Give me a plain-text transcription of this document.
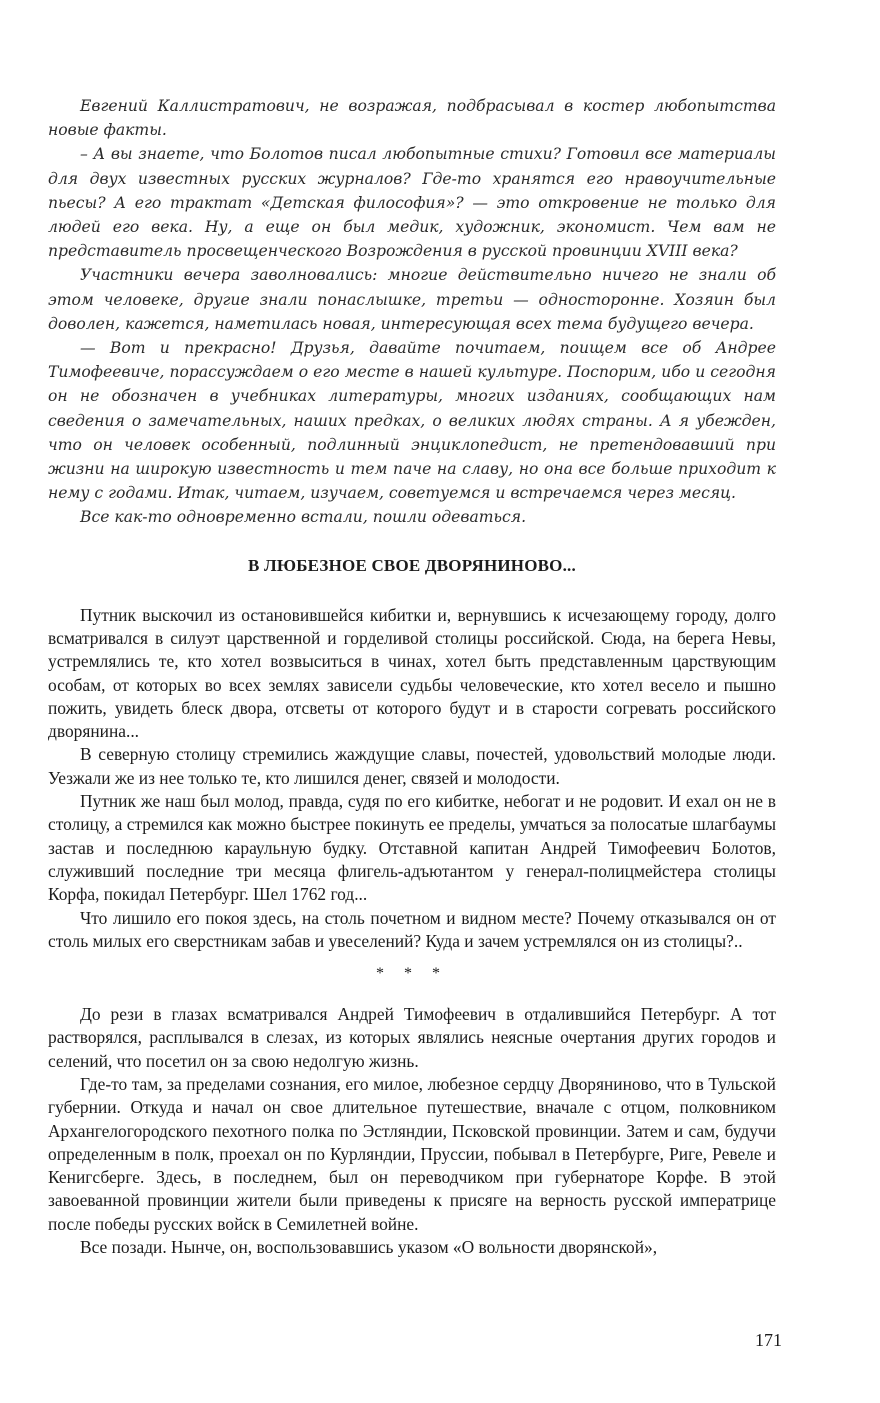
Евгений Каллистратович, не возражая, подбрасывал в костер любопытства новые факты.

– А вы знаете, что Болотов писал любопытные стихи? Готовил все материалы для двух известных русских журналов? Где-то хранятся его нравоучительные пьесы? А его трактат «Детская философия»? — это откровение не только для людей его века. Ну, а еще он был медик, художник, экономист. Чем вам не представитель просвещенческого Возрождения в русской провинции XVIII века?

Участники вечера заволновались: многие действительно ничего не знали об этом человеке, другие знали понаслышке, третьи — односторонне. Хозяин был доволен, кажется, наметилась новая, интересующая всех тема будущего вечера.

— Вот и прекрасно! Друзья, давайте почитаем, поищем все об Андрее Тимофеевиче, порассуждаем о его месте в нашей культуре. Поспорим, ибо и сегодня он не обозначен в учебниках литературы, многих изданиях, сообщающих нам сведения о замечательных, наших предках, о великих людях страны. А я убежден, что он человек особенный, подлинный энциклопедист, не претендовавший при жизни на широкую известность и тем паче на славу, но она все больше приходит к нему с годами. Итак, читаем, изучаем, советуемся и встречаемся через месяц.

Все как-то одновременно встали, пошли одеваться.

В ЛЮБЕЗНОЕ СВОЕ ДВОРЯНИНОВО...

Путник выскочил из остановившейся кибитки и, вернувшись к исчезающему городу, долго всматривался в силуэт царственной и горделивой столицы российской. Сюда, на берега Невы, устремлялись те, кто хотел возвыситься в чинах, хотел быть представленным царствующим особам, от которых во всех землях зависели судьбы человеческие, кто хотел весело и пышно пожить, увидеть блеск двора, отсветы от которого будут и в старости согревать российского дворянина...

В северную столицу стремились жаждущие славы, почестей, удовольствий молодые люди. Уезжали же из нее только те, кто лишился денег, связей и молодости.

Путник же наш был молод, правда, судя по его кибитке, небогат и не родовит. И ехал он не в столицу, а стремился как можно быстрее покинуть ее пределы, умчаться за полосатые шлагбаумы застав и последнюю караульную будку. Отставной капитан Андрей Тимофеевич Болотов, служивший последние три месяца флигель-адъютантом у генерал-полицмейстера столицы Корфа, покидал Петербург. Шел 1762 год...

Что лишило его покоя здесь, на столь почетном и видном месте? Почему отказывался он от столь милых его сверстникам забав и увеселений? Куда и зачем устремлялся он из столицы?..

* * *

До рези в глазах всматривался Андрей Тимофеевич в отдалившийся Петербург. А тот растворялся, расплывался в слезах, из которых являлись неясные очертания других городов и селений, что посетил он за свою недолгую жизнь.

Где-то там, за пределами сознания, его милое, любезное сердцу Дворяниново, что в Тульской губернии. Откуда и начал он свое длительное путешествие, вначале с отцом, полковником Архангелогородского пехотного полка по Эстляндии, Псковской провинции. Затем и сам, будучи определенным в полк, проехал он по Курляндии, Пруссии, побывал в Петербурге, Риге, Ревеле и Кенигсберге. Здесь, в последнем, был он переводчиком при губернаторе Корфе. В этой завоеванной провинции жители были приведены к присяге на верность русской императрице после победы русских войск в Семилетней войне.

Все позади. Нынче, он, воспользовавшись указом «О вольности дворянской»,

171
